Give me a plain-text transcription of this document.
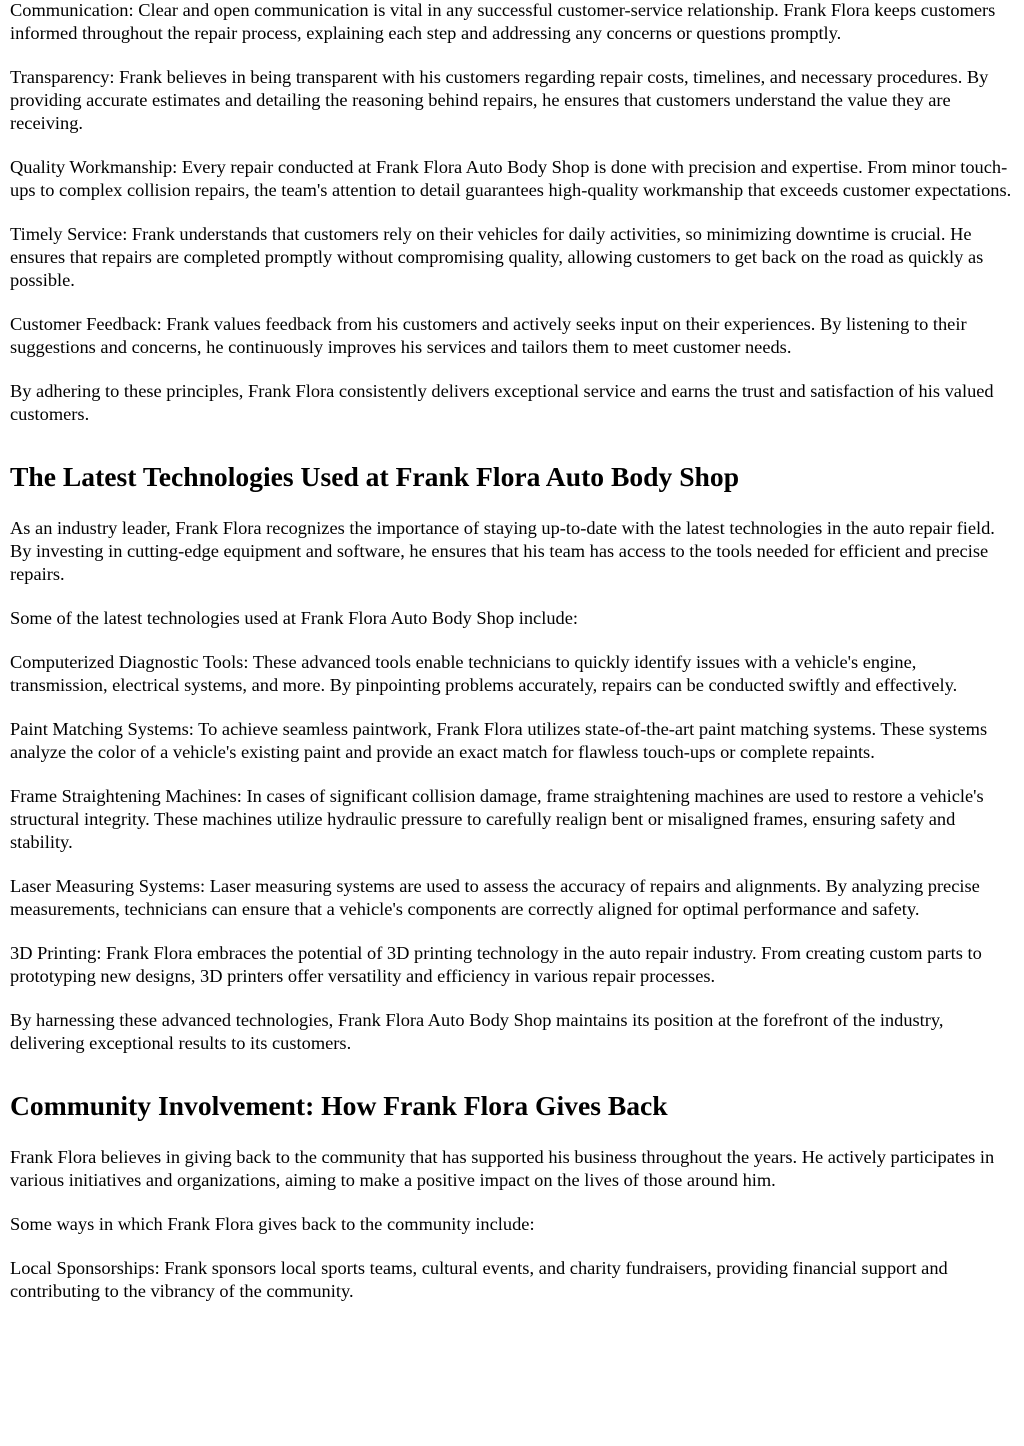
Communication: Clear and open communication is vital in any successful customer-service relationship. Frank Flora keeps customers informed throughout the repair process, explaining each step and addressing any concerns or questions promptly.

Transparency: Frank believes in being transparent with his customers regarding repair costs, timelines, and necessary procedures. By providing accurate estimates and detailing the reasoning behind repairs, he ensures that customers understand the value they are receiving.

Quality Workmanship: Every repair conducted at Frank Flora Auto Body Shop is done with precision and expertise. From minor touch-ups to complex collision repairs, the team's attention to detail guarantees high-quality workmanship that exceeds customer expectations.

Timely Service: Frank understands that customers rely on their vehicles for daily activities, so minimizing downtime is crucial. He ensures that repairs are completed promptly without compromising quality, allowing customers to get back on the road as quickly as possible.

Customer Feedback: Frank values feedback from his customers and actively seeks input on their experiences. By listening to their suggestions and concerns, he continuously improves his services and tailors them to meet customer needs.

By adhering to these principles, Frank Flora consistently delivers exceptional service and earns the trust and satisfaction of his valued customers.

The Latest Technologies Used at Frank Flora Auto Body Shop

As an industry leader, Frank Flora recognizes the importance of staying up-to-date with the latest technologies in the auto repair field. By investing in cutting-edge equipment and software, he ensures that his team has access to the tools needed for efficient and precise repairs.

Some of the latest technologies used at Frank Flora Auto Body Shop include:

Computerized Diagnostic Tools: These advanced tools enable technicians to quickly identify issues with a vehicle's engine, transmission, electrical systems, and more. By pinpointing problems accurately, repairs can be conducted swiftly and effectively.

Paint Matching Systems: To achieve seamless paintwork, Frank Flora utilizes state-of-the-art paint matching systems. These systems analyze the color of a vehicle's existing paint and provide an exact match for flawless touch-ups or complete repaints.

Frame Straightening Machines: In cases of significant collision damage, frame straightening machines are used to restore a vehicle's structural integrity. These machines utilize hydraulic pressure to carefully realign bent or misaligned frames, ensuring safety and stability.

Laser Measuring Systems: Laser measuring systems are used to assess the accuracy of repairs and alignments. By analyzing precise measurements, technicians can ensure that a vehicle's components are correctly aligned for optimal performance and safety.

3D Printing: Frank Flora embraces the potential of 3D printing technology in the auto repair industry. From creating custom parts to prototyping new designs, 3D printers offer versatility and efficiency in various repair processes.

By harnessing these advanced technologies, Frank Flora Auto Body Shop maintains its position at the forefront of the industry, delivering exceptional results to its customers.

Community Involvement: How Frank Flora Gives Back

Frank Flora believes in giving back to the community that has supported his business throughout the years. He actively participates in various initiatives and organizations, aiming to make a positive impact on the lives of those around him.

Some ways in which Frank Flora gives back to the community include:

Local Sponsorships: Frank sponsors local sports teams, cultural events, and charity fundraisers, providing financial support and contributing to the vibrancy of the community.
